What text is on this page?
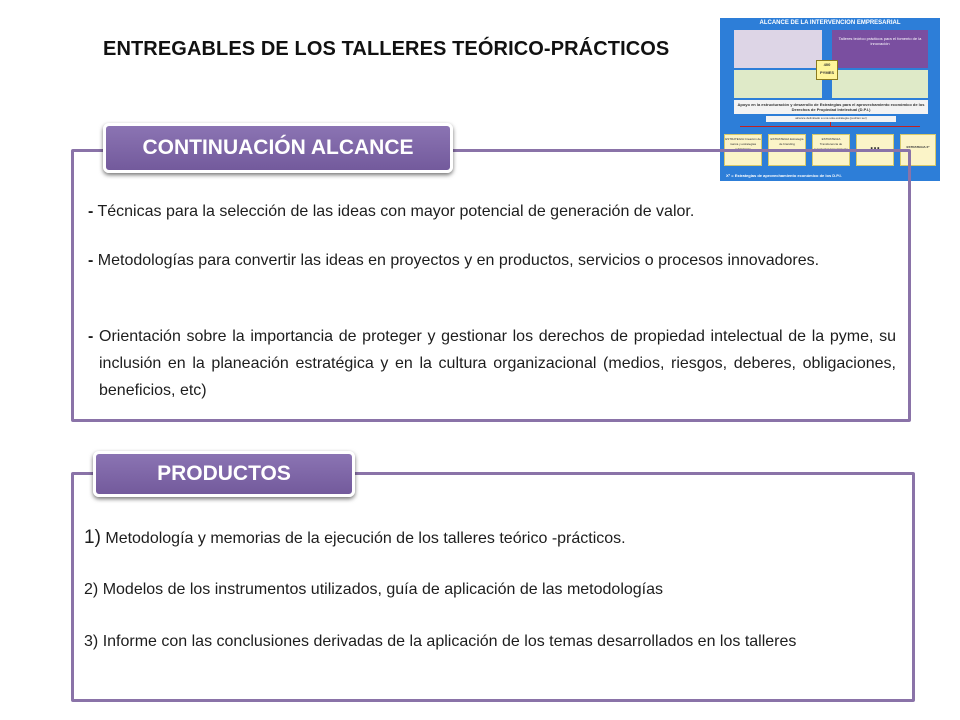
ENTREGABLES DE LOS TALLERES TEÓRICO-PRÁCTICOS
ALCANCE DE LA INTERVENCION EMPRESARIAL
Talleres teórico prácticos para el fomento de la innovación
400 PYMES
Apoyo en la estructuración y desarrollo de Estrategias para el aprovechamiento económico de los Derechos de Propiedad Intelectual (D.P.I.)
alcance delimitado a una sola estrategia (podrían ser)
ESTRATEGIA Creación de marca y estrategias publicitarias
ESTRATEGIA Estrategia de branding
ESTRATEGIA Transferencia de tecnología/ Conocimiento	...	ESTRATEGIA Xº
Xº = Estrategias de aprovechamiento económico de los D.P.I.
CONTINUACIÓN ALCANCE
- Técnicas para la selección de las ideas con mayor potencial de generación de valor.
- Metodologías para convertir las ideas en proyectos y en productos, servicios o procesos innovadores.
- Orientación sobre la importancia de proteger y gestionar los derechos de propiedad intelectual de la pyme, su inclusión en la planeación estratégica y en la cultura organizacional (medios, riesgos, deberes, obligaciones, beneficios, etc)
PRODUCTOS
1) Metodología y memorias de la ejecución de los talleres teórico -prácticos.
2) Modelos de los instrumentos utilizados, guía de aplicación de las metodologías
3) Informe con las conclusiones derivadas de la aplicación de los temas desarrollados en los talleres
